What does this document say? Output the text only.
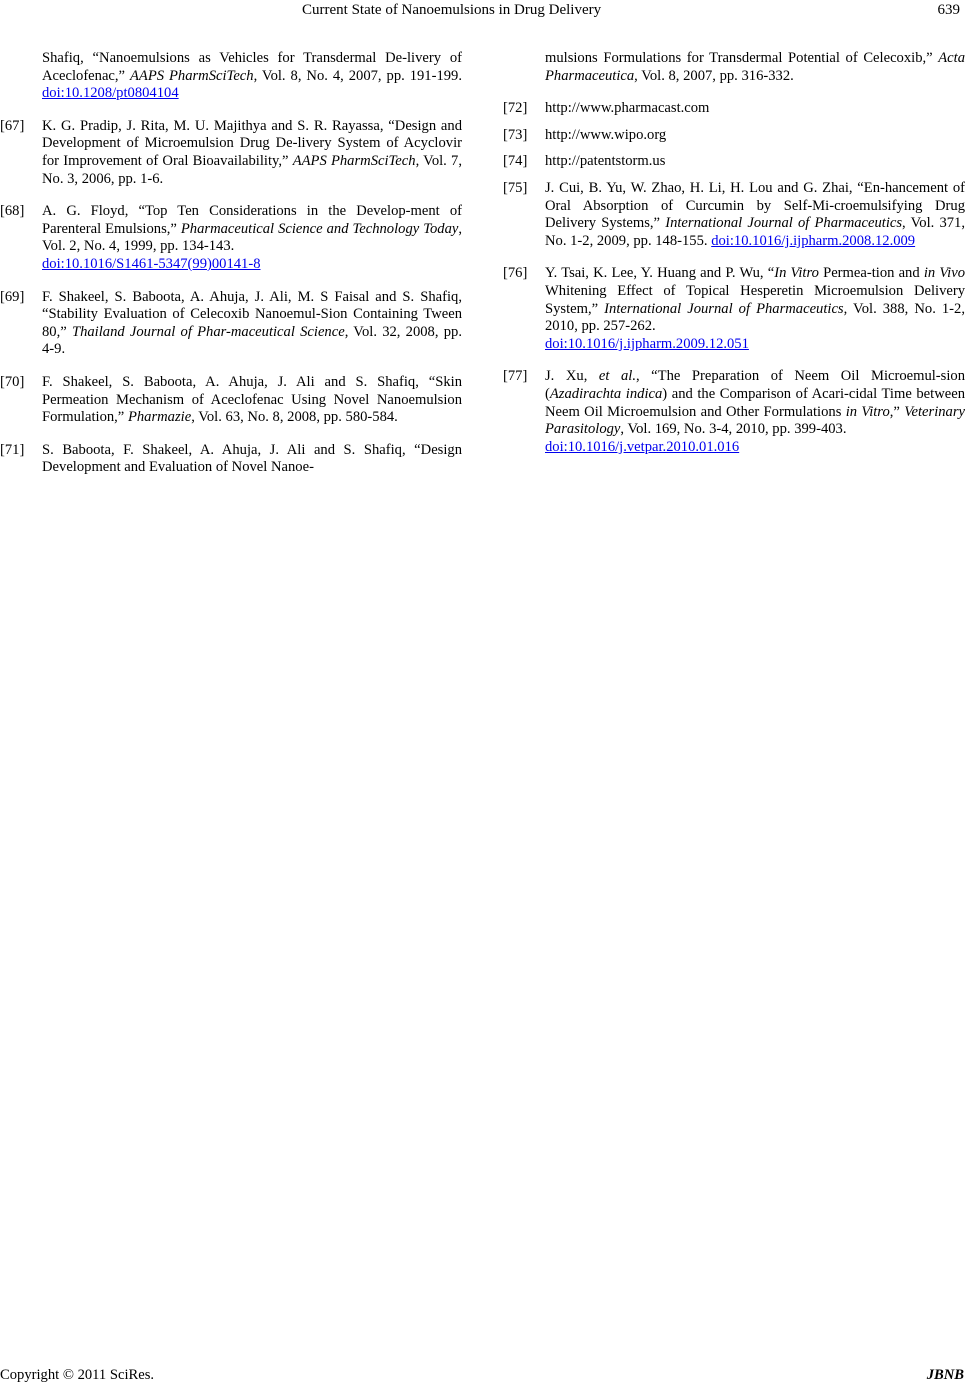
Current State of Nanoemulsions in Drug Delivery	639
Shafiq, “Nanoemulsions as Vehicles for Transdermal De-livery of Aceclofenac,” AAPS PharmSciTech, Vol. 8, No. 4, 2007, pp. 191-199. doi:10.1208/pt0804104
[67] K. G. Pradip, J. Rita, M. U. Majithya and S. R. Rayassa, “Design and Development of Microemulsion Drug De-livery System of Acyclovir for Improvement of Oral Bioavailability,” AAPS PharmSciTech, Vol. 7, No. 3, 2006, pp. 1-6.
[68] A. G. Floyd, “Top Ten Considerations in the Develop-ment of Parenteral Emulsions,” Pharmaceutical Science and Technology Today, Vol. 2, No. 4, 1999, pp. 134-143.
doi:10.1016/S1461-5347(99)00141-8
[69] F. Shakeel, S. Baboota, A. Ahuja, J. Ali, M. S Faisal and S. Shafiq, “Stability Evaluation of Celecoxib Nanoemul-Sion Containing Tween 80,” Thailand Journal of Phar-maceutical Science, Vol. 32, 2008, pp. 4-9.
[70] F. Shakeel, S. Baboota, A. Ahuja, J. Ali and S. Shafiq, “Skin Permeation Mechanism of Aceclofenac Using Novel Nanoemulsion Formulation,” Pharmazie, Vol. 63, No. 8, 2008, pp. 580-584.
[71] S. Baboota, F. Shakeel, A. Ahuja, J. Ali and S. Shafiq, “Design Development and Evaluation of Novel Nanoe-
mulsions Formulations for Transdermal Potential of Celecoxib,” Acta Pharmaceutica, Vol. 8, 2007, pp. 316-332.
[72] http://www.pharmacast.com
[73] http://www.wipo.org
[74] http://patentstorm.us
[75] J. Cui, B. Yu, W. Zhao, H. Li, H. Lou and G. Zhai, “En-hancement of Oral Absorption of Curcumin by Self-Mi-croemulsifying Drug Delivery Systems,” International Journal of Pharmaceutics, Vol. 371, No. 1-2, 2009, pp. 148-155. doi:10.1016/j.ijpharm.2008.12.009
[76] Y. Tsai, K. Lee, Y. Huang and P. Wu, “In Vitro Permea-tion and in Vivo Whitening Effect of Topical Hesperetin Microemulsion Delivery System,” International Journal of Pharmaceutics, Vol. 388, No. 1-2, 2010, pp. 257-262.
doi:10.1016/j.ijpharm.2009.12.051
[77] J. Xu, et al., “The Preparation of Neem Oil Microemul-sion (Azadirachta indica) and the Comparison of Acari-cidal Time between Neem Oil Microemulsion and Other Formulations in Vitro,” Veterinary Parasitology, Vol. 169, No. 3-4, 2010, pp. 399-403.
doi:10.1016/j.vetpar.2010.01.016
Copyright © 2011 SciRes.	JBNB
